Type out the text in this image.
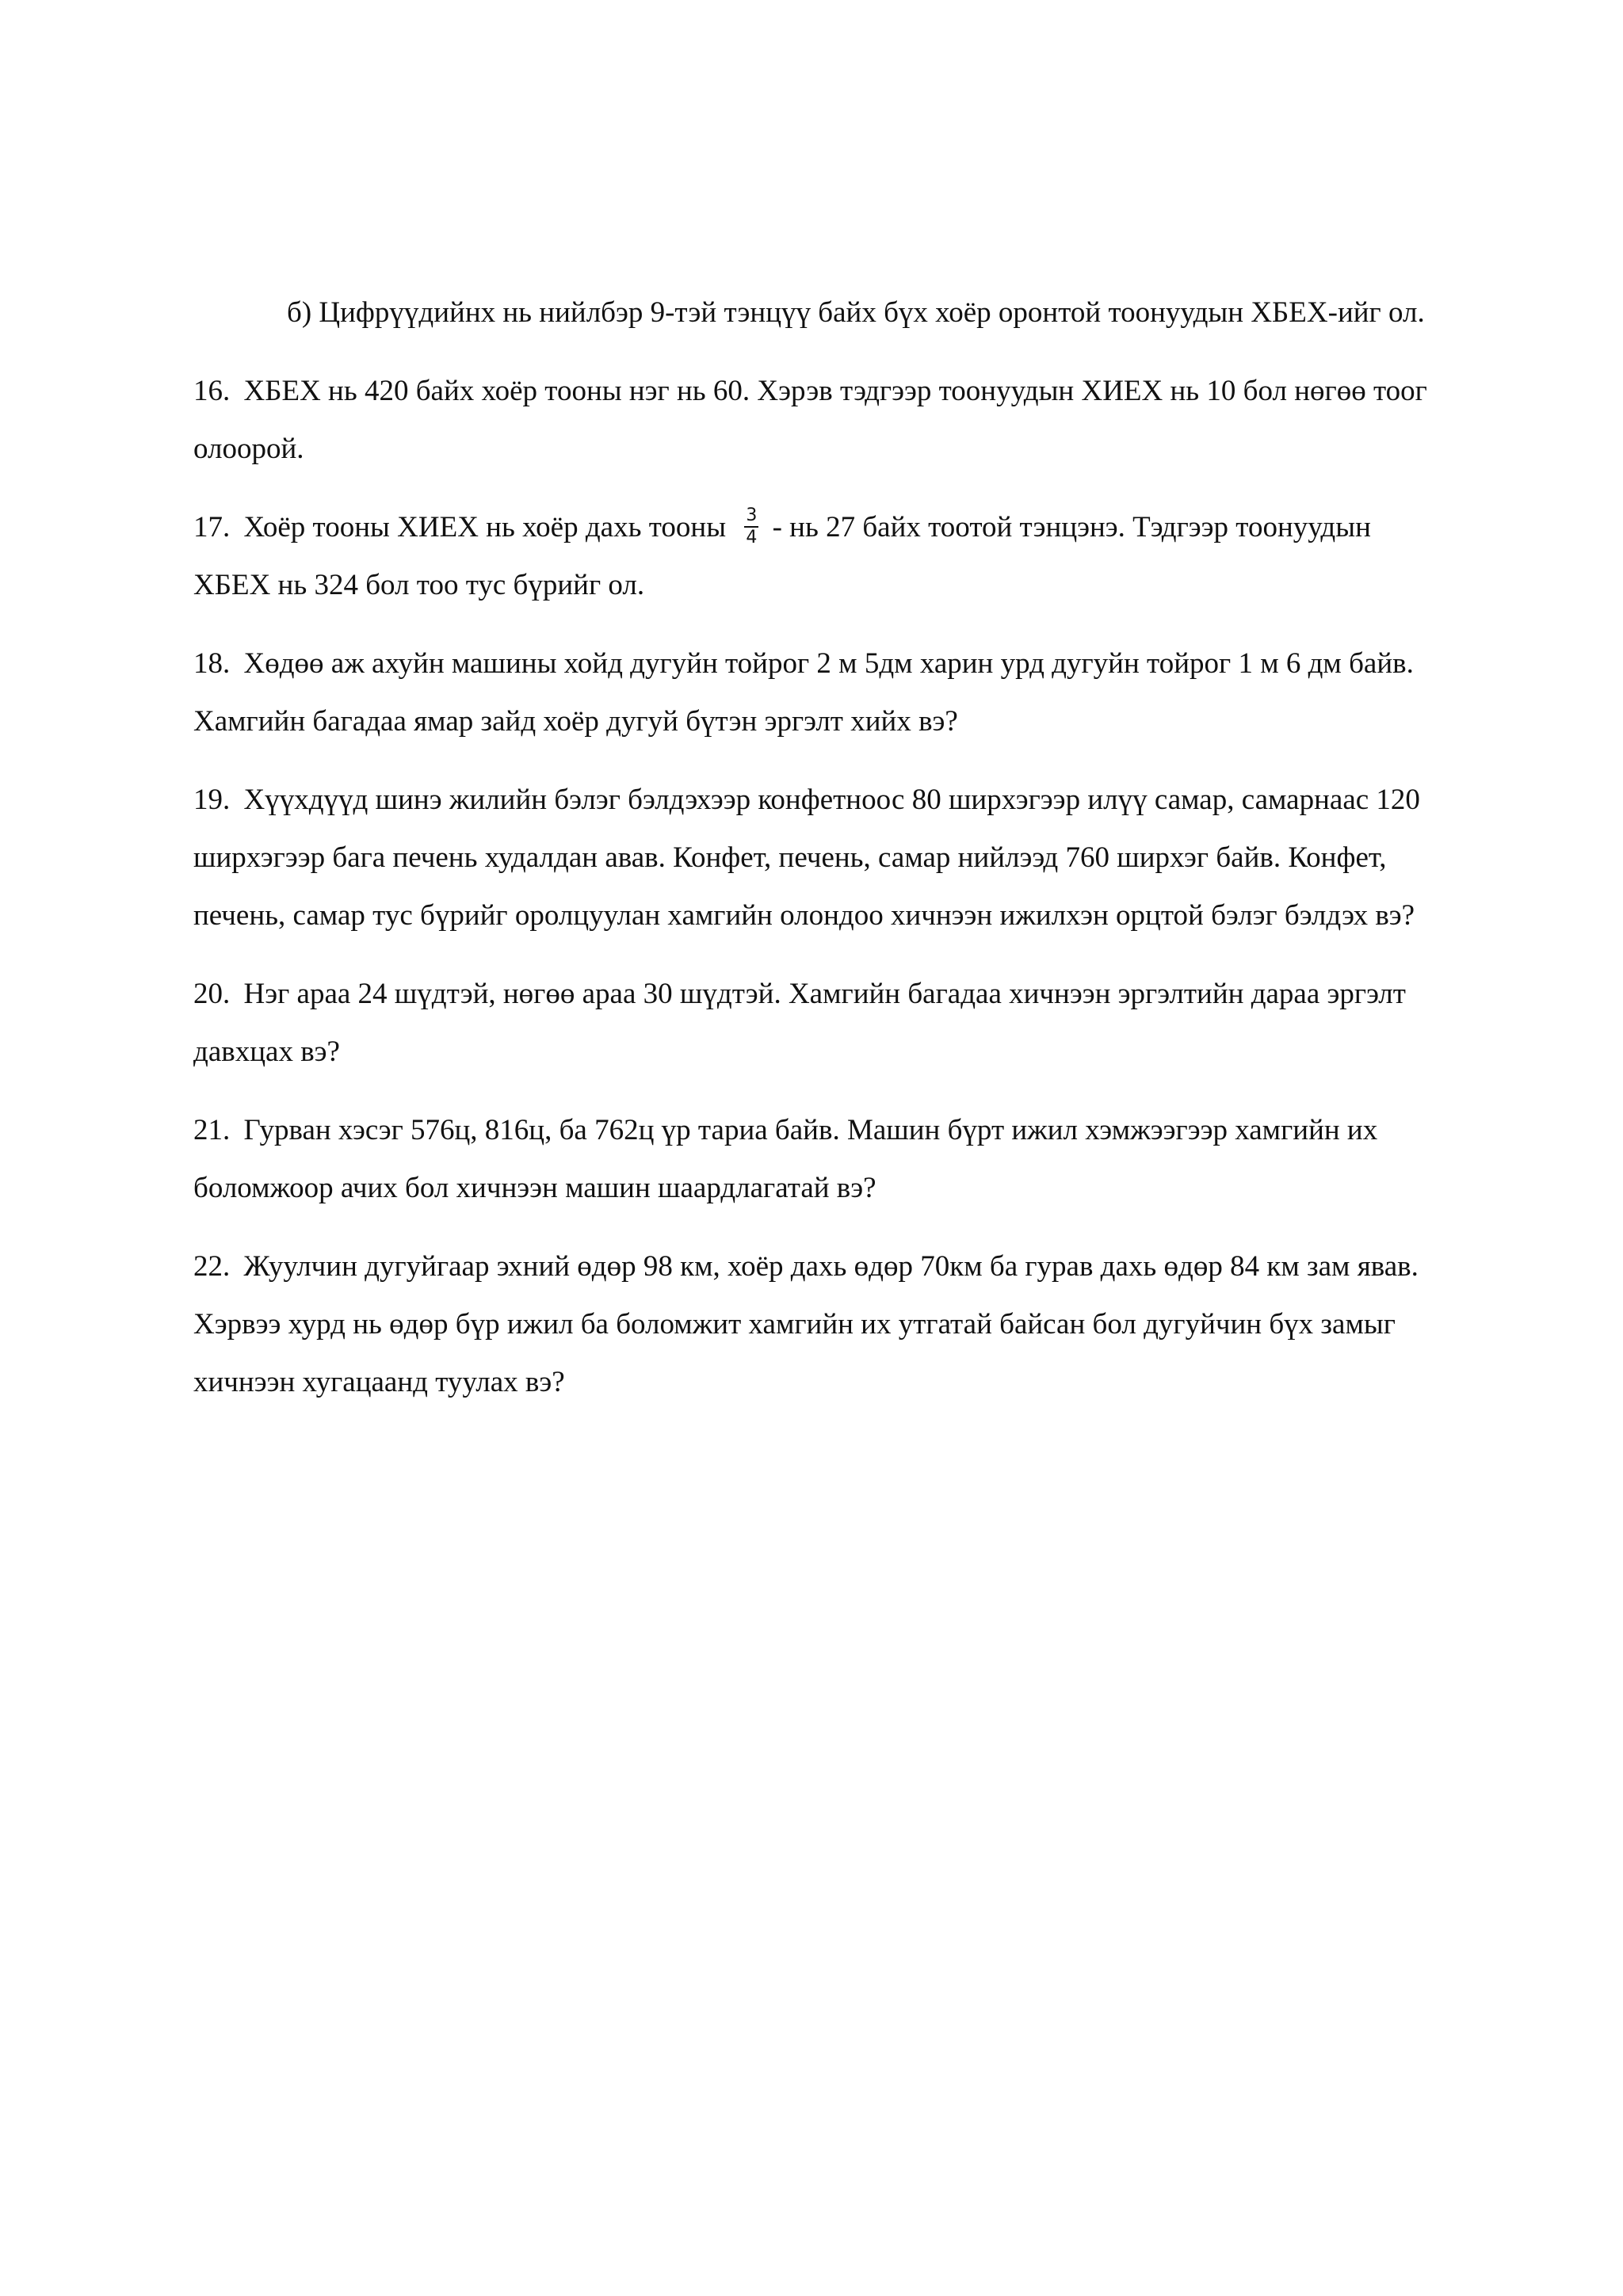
б) Цифрүүдийнх нь нийлбэр 9-тэй тэнцүү байх бүх хоёр оронтой тоонуудын ХБЕХ-ийг ол.

16. ХБЕХ нь 420 байх хоёр тооны нэг нь 60. Хэрэв тэдгээр тоонуудын ХИЕХ нь 10 бол нөгөө тоог олоорой.

17. Хоёр тооны ХИЕХ нь хоёр дахь тооны $\frac{3}{4}$ - нь 27 байх тоотой тэнцэнэ. Тэдгээр тоонуудын ХБЕХ нь 324 бол тоо тус бүрийг ол.

18. Хөдөө аж ахуйн машины хойд дугуйн тойрог 2 м 5дм харин урд дугуйн тойрог 1 м 6 дм байв. Хамгийн багадаа ямар зайд хоёр дугуй бүтэн эргэлт хийх вэ?

19. Хүүхдүүд шинэ жилийн бэлэг бэлдэхээр конфетноос 80 ширхэгээр илүү самар, самарнаас 120 ширхэгээр бага печень худалдан авав. Конфет, печень, самар нийлээд 760 ширхэг байв. Конфет, печень, самар тус бүрийг оролцуулан хамгийн олондоо хичнээн ижилхэн орцтой бэлэг бэлдэх вэ?

20. Нэг араа 24 шүдтэй, нөгөө араа 30 шүдтэй. Хамгийн багадаа хичнээн эргэлтийн дараа эргэлт давхцах вэ?

21. Гурван хэсэг 576ц, 816ц, ба 762ц үр тариа байв. Машин бүрт ижил хэмжээгээр хамгийн их боломжоор ачих бол хичнээн машин шаардлагатай вэ?

22. Жуулчин дугуйгаар эхний өдөр 98 км, хоёр дахь өдөр 70км ба гурав дахь өдөр 84 км зам явав. Хэрвээ хурд нь өдөр бүр ижил ба боломжит хамгийн их утгатай байсан бол дугуйчин бүх замыг хичнээн хугацаанд туулах вэ?
